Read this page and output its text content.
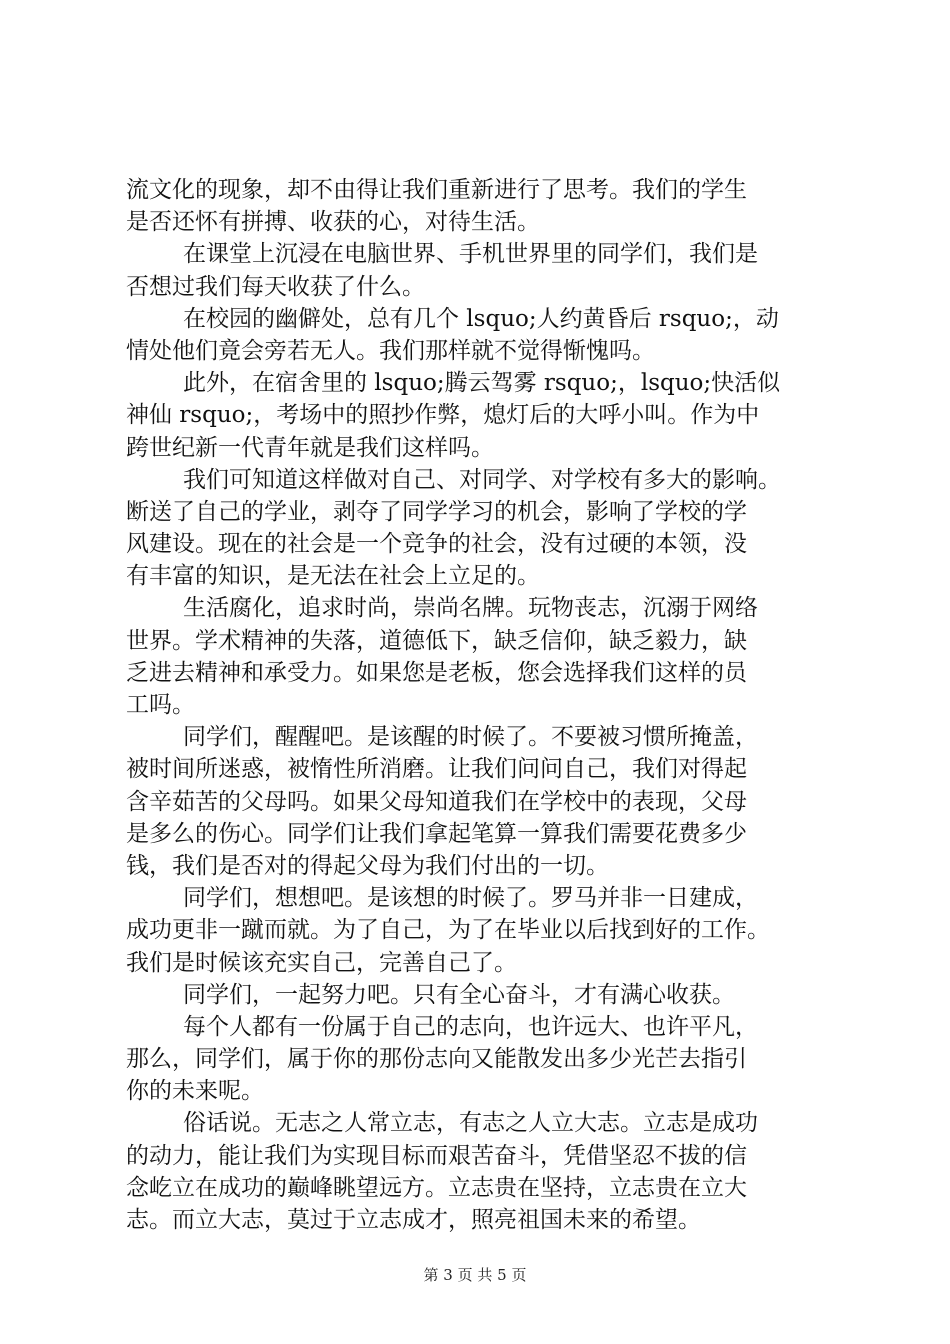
流文化的现象，却不由得让我们重新进行了思考。我们的学生
是否还怀有拼搏、收获的心，对待生活。
在课堂上沉浸在电脑世界、手机世界里的同学们，我们是
否想过我们每天收获了什么。
在校园的幽僻处，总有几个 lsquo;人约黄昏后 rsquo;，动
情处他们竟会旁若无人。我们那样就不觉得惭愧吗。
此外，在宿舍里的 lsquo;腾云驾雾 rsquo;，lsquo;快活似
神仙 rsquo;，考场中的照抄作弊，熄灯后的大呼小叫。作为中
跨世纪新一代青年就是我们这样吗。
我们可知道这样做对自己、对同学、对学校有多大的影响。
断送了自己的学业，剥夺了同学学习的机会，影响了学校的学
风建设。现在的社会是一个竞争的社会，没有过硬的本领，没
有丰富的知识，是无法在社会上立足的。
生活腐化，追求时尚，崇尚名牌。玩物丧志，沉溺于网络
世界。学术精神的失落，道德低下，缺乏信仰，缺乏毅力，缺
乏进去精神和承受力。如果您是老板，您会选择我们这样的员
工吗。
同学们，醒醒吧。是该醒的时候了。不要被习惯所掩盖，
被时间所迷惑，被惰性所消磨。让我们问问自己，我们对得起
含辛茹苦的父母吗。如果父母知道我们在学校中的表现，父母
是多么的伤心。同学们让我们拿起笔算一算我们需要花费多少
钱，我们是否对的得起父母为我们付出的一切。
同学们，想想吧。是该想的时候了。罗马并非一日建成，
成功更非一蹴而就。为了自己，为了在毕业以后找到好的工作。
我们是时候该充实自己，完善自己了。
同学们，一起努力吧。只有全心奋斗，才有满心收获。
每个人都有一份属于自己的志向，也许远大、也许平凡，
那么，同学们，属于你的那份志向又能散发出多少光芒去指引
你的未来呢。
俗话说。无志之人常立志，有志之人立大志。立志是成功
的动力，能让我们为实现目标而艰苦奋斗，凭借坚忍不拔的信
念屹立在成功的巅峰眺望远方。立志贵在坚持，立志贵在立大
志。而立大志，莫过于立志成才，照亮祖国未来的希望。
第 3 页 共 5 页
